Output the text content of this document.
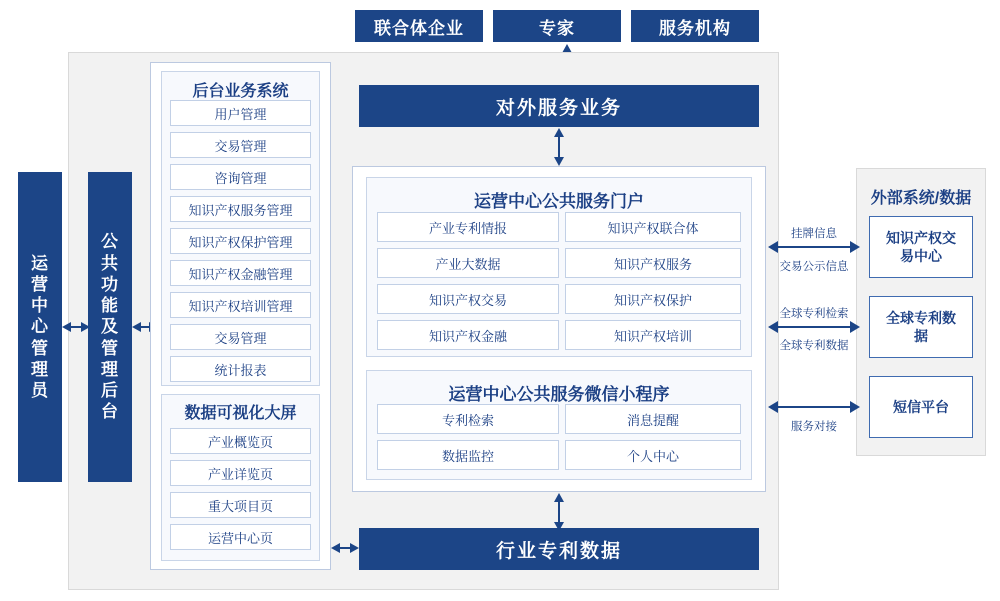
联合体企业	专家	服务机构
运营中心管理员
公共功能及管理后台
后台业务系统
用户管理
交易管理
咨询管理
知识产权服务管理
知识产权保护管理
知识产权金融管理
知识产权培训管理
交易管理
统计报表
数据可视化大屏
产业概览页
产业详览页
重大项目页
运营中心页
对外服务业务
运营中心公共服务门户
产业专利情报	知识产权联合体
产业大数据	知识产权服务
知识产权交易	知识产权保护
知识产权金融	知识产权培训
运营中心公共服务微信小程序
专利检索	消息提醒
数据监控	个人中心
行业专利数据
外部系统/数据
知识产权交易中心
全球专利数据
短信平台
挂牌信息
交易公示信息
全球专利检索
全球专利数据
服务对接
